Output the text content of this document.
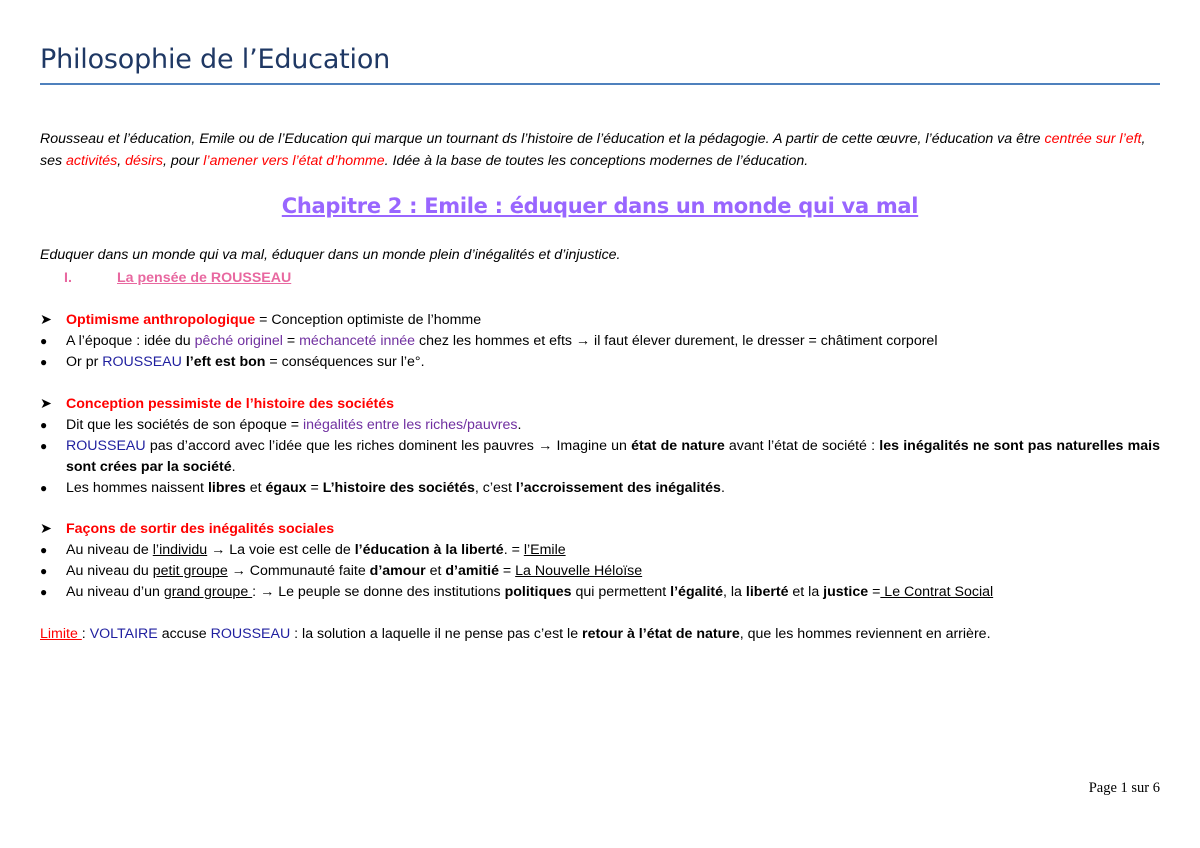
Philosophie de l’Education
Rousseau et l’éducation, Emile ou de l’Education qui marque un tournant ds l’histoire de l’éducation et la pédagogie. A partir de cette œuvre, l’éducation va être centrée sur l’eft, ses activités, désirs, pour l’amener vers l’état d’homme. Idée à la base de toutes les conceptions modernes de l’éducation.
Chapitre 2 : Emile : éduquer dans un monde qui va mal
Eduquer dans un monde qui va mal, éduquer dans un monde plein d’inégalités et d’injustice.
I.	La pensée de ROUSSEAU
➤ Optimisme anthropologique = Conception optimiste de l’homme
●	A l’époque : idée du pêché originel = méchanceté innée chez les hommes et efts → il faut élever durement, le dresser = châtiment corporel
●	Or pr ROUSSEAU l’eft est bon = conséquences sur l’e°.
➤ Conception pessimiste de l’histoire des sociétés
●	Dit que les sociétés de son époque = inégalités entre les riches/pauvres.
●	ROUSSEAU pas d’accord avec l’idée que les riches dominent les pauvres → Imagine un état de nature avant l’état de société : les inégalités ne sont pas naturelles mais sont crées par la société.
●	Les hommes naissent libres et égaux = L’histoire des sociétés, c’est l’accroissement des inégalités.
➤ Façons de sortir des inégalités sociales
●	Au niveau de l’individu → La voie est celle de l’éducation à la liberté. = l’Emile
●	Au niveau du petit groupe → Communauté faite d’amour et d’amitié = La Nouvelle Héloïse
●	Au niveau d’un grand groupe : → Le peuple se donne des institutions politiques qui permettent l’égalité, la liberté et la justice = Le Contrat Social
Limite : VOLTAIRE accuse ROUSSEAU : la solution a laquelle il ne pense pas c’est le retour à l’état de nature, que les hommes reviennent en arrière.
Page 1 sur 6
